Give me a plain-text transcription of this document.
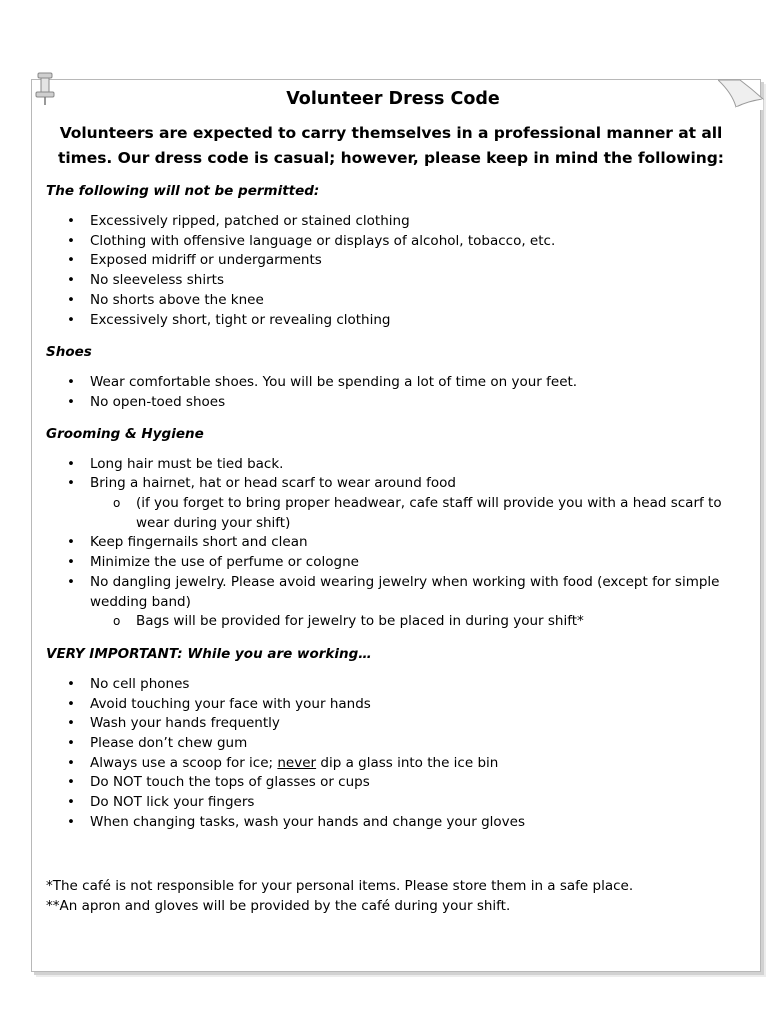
Volunteer Dress Code

Volunteers are expected to carry themselves in a professional manner at all times. Our dress code is casual; however, please keep in mind the following:

The following will not be permitted:

• Excessively ripped, patched or stained clothing
• Clothing with offensive language or displays of alcohol, tobacco, etc.
• Exposed midriff or undergarments
• No sleeveless shirts
• No shorts above the knee
• Excessively short, tight or revealing clothing

Shoes

• Wear comfortable shoes. You will be spending a lot of time on your feet.
• No open-toed shoes

Grooming & Hygiene

• Long hair must be tied back.
• Bring a hairnet, hat or head scarf to wear around food
o (if you forget to bring proper headwear, cafe staff will provide you with a head scarf to wear during your shift)
• Keep fingernails short and clean
• Minimize the use of perfume or cologne
• No dangling jewelry. Please avoid wearing jewelry when working with food (except for simple wedding band)
o Bags will be provided for jewelry to be placed in during your shift*

VERY IMPORTANT: While you are working…

• No cell phones
• Avoid touching your face with your hands
• Wash your hands frequently
• Please don’t chew gum
• Always use a scoop for ice; never dip a glass into the ice bin
• Do NOT touch the tops of glasses or cups
• Do NOT lick your fingers
• When changing tasks, wash your hands and change your gloves

*The café is not responsible for your personal items. Please store them in a safe place.

**An apron and gloves will be provided by the café during your shift.
